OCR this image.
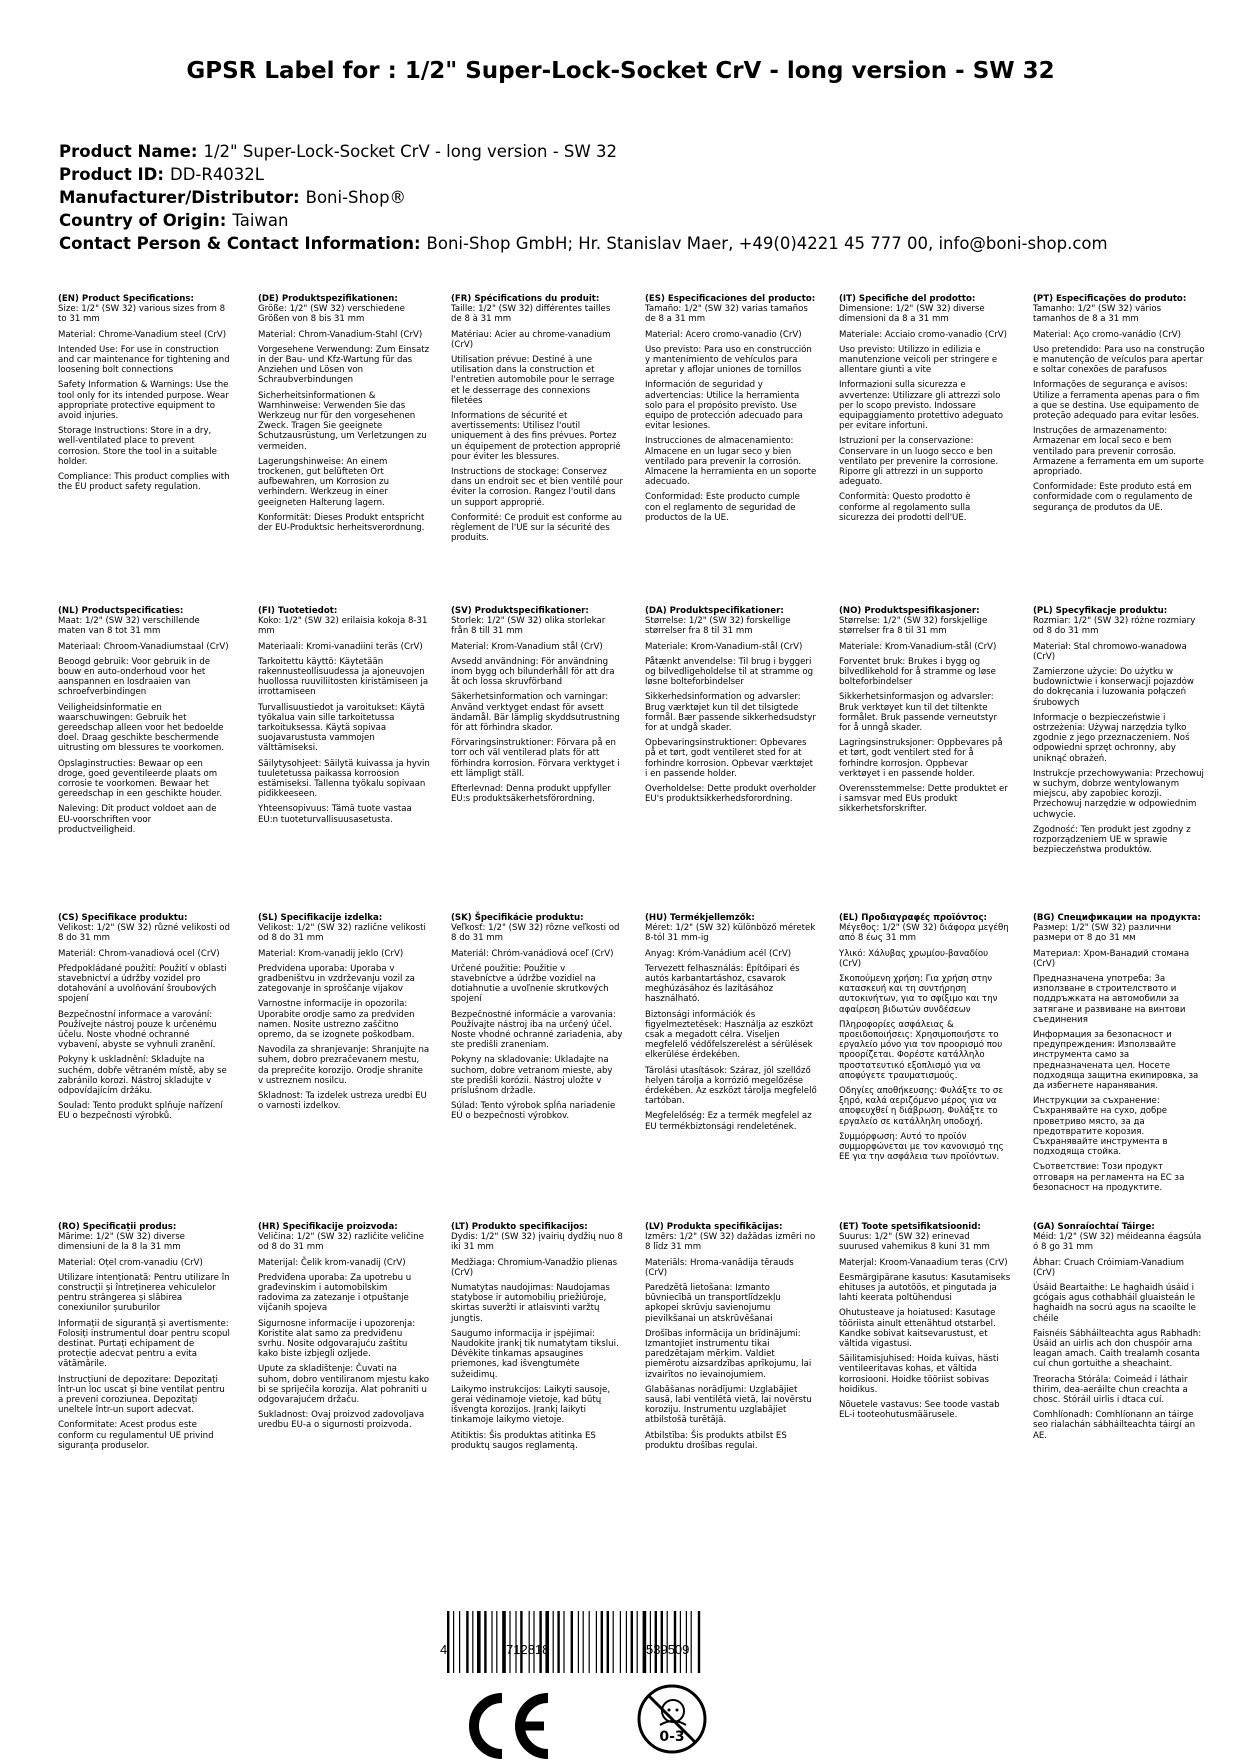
GPSR Label for : 1/2" Super-Lock-Socket CrV - long version - SW 32
Product Name: 1/2" Super-Lock-Socket CrV - long version - SW 32
Product ID: DD-R4032L
Manufacturer/Distributor: Boni-Shop®
Country of Origin: Taiwan
Contact Person & Contact Information: Boni-Shop GmbH; Hr. Stanislav Maer, +49(0)4221 45 777 00, info@boni-shop.com
(EN) Product Specifications:
Size: 1/2" (SW 32) various sizes from 8 to 31 mm
Material: Chrome-Vanadium steel (CrV)
Intended Use: For use in construction and car maintenance for tightening and loosening bolt connections
Safety Information & Warnings: Use the tool only for its intended purpose. Wear appropriate protective equipment to avoid injuries.
Storage Instructions: Store in a dry, well-ventilated place to prevent corrosion. Store the tool in a suitable holder.
Compliance: This product complies with the EU product safety regulation.
(DE) Produktspezifikationen:
Größe: 1/2" (SW 32) verschiedene Größen von 8 bis 31 mm
Material: Chrom-Vanadium-Stahl (CrV)
Vorgesehene Verwendung: Zum Einsatz in der Bau- und Kfz-Wartung für das Anziehen und Lösen von Schraubverbindungen
Sicherheitsinformationen & Warnhinweise: Verwenden Sie das Werkzeug nur für den vorgesehenen Zweck. Tragen Sie geeignete Schutzausrüstung, um Verletzungen zu vermeiden.
Lagerungshinweise: An einem trockenen, gut belüfteten Ort aufbewahren, um Korrosion zu verhindern. Werkzeug in einer geeigneten Halterung lagern.
Konformität: Dieses Produkt entspricht der EU-Produktsic herheitsverordnung.
(FR) Spécifications du produit:
Taille: 1/2" (SW 32) différentes tailles de 8 à 31 mm
Matériau: Acier au chrome-vanadium (CrV)
Utilisation prévue: Destiné à une utilisation dans la construction et l'entretien automobile pour le serrage et le desserrage des connexions filetées
Informations de sécurité et avertissements: Utilisez l'outil uniquement à des fins prévues. Portez un équipement de protection approprié pour éviter les blessures.
Instructions de stockage: Conservez dans un endroit sec et bien ventilé pour éviter la corrosion. Rangez l'outil dans un support approprié.
Conformité: Ce produit est conforme au règlement de l'UE sur la sécurité des produits.
(ES) Especificaciones del producto:
Tamaño: 1/2" (SW 32) varias tamaños de 8 a 31 mm
Material: Acero cromo-vanadio (CrV)
Uso previsto: Para uso en construcción y mantenimiento de vehículos para apretar y aflojar uniones de tornillos
Información de seguridad y advertencias: Utilice la herramienta solo para el propósito previsto. Use equipo de protección adecuado para evitar lesiones.
Instrucciones de almacenamiento: Almacene en un lugar seco y bien ventilado para prevenir la corrosión. Almacene la herramienta en un soporte adecuado.
Conformidad: Este producto cumple con el reglamento de seguridad de productos de la UE.
(IT) Specifiche del prodotto:
Dimensione: 1/2" (SW 32) diverse dimensioni da 8 a 31 mm
Materiale: Acciaio cromo-vanadio (CrV)
Uso previsto: Utilizzo in edilizia e manutenzione veicoli per stringere e allentare giunti a vite
Informazioni sulla sicurezza e avvertenze: Utilizzare gli attrezzi solo per lo scopo previsto. Indossare equipaggiamento protettivo adeguato per evitare infortuni.
Istruzioni per la conservazione: Conservare in un luogo secco e ben ventilato per prevenire la corrosione. Riporre gli attrezzi in un supporto adeguato.
Conformità: Questo prodotto è conforme al regolamento sulla sicurezza dei prodotti dell'UE.
(PT) Especificações do produto:
Tamanho: 1/2" (SW 32) vários tamanhos de 8 a 31 mm
Material: Aço cromo-vanádio (CrV)
Uso pretendido: Para uso na construção e manutenção de veículos para apertar e soltar conexões de parafusos
Informações de segurança e avisos: Utilize a ferramenta apenas para o fim a que se destina. Use equipamento de proteção adequado para evitar lesões.
Instruções de armazenamento: Armazenar em local seco e bem ventilado para prevenir corrosão. Armazene a ferramenta em um suporte apropriado.
Conformidade: Este produto está em conformidade com o regulamento de segurança de produtos da UE.
(NL) Productspecificaties:
Maat: 1/2" (SW 32) verschillende maten van 8 tot 31 mm
Materiaal: Chroom-Vanadiumstaal (CrV)
Beoogd gebruik: Voor gebruik in de bouw en auto-onderhoud voor het aanspannen en losdraaien van schroefverbindingen
Veiligheidsinformatie en waarschuwingen: Gebruik het gereedschap alleen voor het bedoelde doel. Draag geschikte beschermende uitrusting om blessures te voorkomen.
Opslaginstructies: Bewaar op een droge, goed geventileerde plaats om corrosie te voorkomen. Bewaar het gereedschap in een geschikte houder.
Naleving: Dit product voldoet aan de EU-voorschriften voor productveiligheid.
(FI) Tuotetiedot:
Koko: 1/2" (SW 32) erilaisia kokoja 8-31 mm
Materiaali: Kromi-vanadiini teräs (CrV)
Tarkoitettu käyttö: Käytetään rakennusteollisuudessa ja ajoneuvojen huollossa ruuviliitosten kiristämiseen ja irrottamiseen
Turvallisuustiedot ja varoitukset: Käytä työkalua vain sille tarkoitetussa tarkoituksessa. Käytä sopivaa suojavarustusta vammojen välttämiseksi.
Säilytysohjeet: Säilytä kuivassa ja hyvin tuuletetussa paikassa korroosion estämiseksi. Tallenna työkalu sopivaan pidikkeeseen.
Yhteensopivuus: Tämä tuote vastaa EU:n tuoteturvallisuusasetusta.
(SV) Produktspecifikationer:
Storlek: 1/2" (SW 32) olika storlekar från 8 till 31 mm
Material: Krom-Vanadium stål (CrV)
Avsedd användning: För användning inom bygg och bilunderhåll för att dra åt och lossa skruvförband
Säkerhetsinformation och varningar: Använd verktyget endast för avsett ändamål. Bär lämplig skyddsutrustning för att förhindra skador.
Förvaringsinstruktioner: Förvara på en torr och väl ventilerad plats för att förhindra korrosion. Förvara verktyget i ett lämpligt ställ.
Efterlevnad: Denna produkt uppfyller EU:s produktsäkerhetsförordning.
(DA) Produktspecifikationer:
Størrelse: 1/2" (SW 32) forskellige størrelser fra 8 til 31 mm
Materiale: Krom-Vanadium-stål (CrV)
Påtænkt anvendelse: Til brug i byggeri og bilvedligeholdelse til at stramme og løsne bolteforbindelser
Sikkerhedsinformation og advarsler: Brug værktøjet kun til det tilsigtede formål. Bær passende sikkerhedsudstyr for at undgå skader.
Opbevaringsinstruktioner: Opbevares på et tørt, godt ventileret sted for at forhindre korrosion. Opbevar værktøjet i en passende holder.
Overholdelse: Dette produkt overholder EU's produktsikkerhedsforordning.
(NO) Produktspesifikasjoner:
Størrelse: 1/2" (SW 32) forskjellige størrelser fra 8 til 31 mm
Materiale: Krom-Vanadium-stål (CrV)
Forventet bruk: Brukes i bygg og bilvedlikehold for å stramme og løse bolteforbindelser
Sikkerhetsinformasjon og advarsler: Bruk verktøyet kun til det tiltenkte formålet. Bruk passende verneutstyr for å unngå skader.
Lagringsinstruksjoner: Oppbevares på et tørt, godt ventilert sted for å forhindre korrosjon. Oppbevar verktøyet i en passende holder.
Overensstemmelse: Dette produktet er i samsvar med EUs produkt sikkerhetsforskrifter.
(PL) Specyfikacje produktu:
Rozmiar: 1/2" (SW 32) różne rozmiary od 8 do 31 mm
Materiał: Stal chromowo-wanadowa (CrV)
Zamierzone użycie: Do użytku w budownictwie i konserwacji pojazdów do dokręcania i luzowania połączeń śrubowych
Informacje o bezpieczeństwie i ostrzeżenia: Używaj narzędzia tylko zgodnie z jego przeznaczeniem. Noś odpowiedni sprzęt ochronny, aby uniknąć obrażeń.
Instrukcje przechowywania: Przechowuj w suchym, dobrze wentylowanym miejscu, aby zapobiec korozji. Przechowuj narzędzie w odpowiednim uchwycie.
Zgodność: Ten produkt jest zgodny z rozporządzeniem UE w sprawie bezpieczeństwa produktów.
(CS) Specifikace produktu:
Velikost: 1/2" (SW 32) různé velikosti od 8 do 31 mm
Materiál: Chrom-vanadiová ocel (CrV)
Předpokládané použití: Použití v oblasti stavebnictví a údržby vozidel pro dotahování a uvolňování šroubových spojení
Bezpečnostní informace a varování: Používejte nástroj pouze k určenému účelu. Noste vhodné ochranné vybavení, abyste se vyhnuli zranění.
Pokyny k uskladnění: Skladujte na suchém, dobře větraném místě, aby se zabránilo korozi. Nástroj skladujte v odpovídajícím držáku.
Soulad: Tento produkt splňuje nařízení EU o bezpečnosti výrobků.
(SL) Specifikacije izdelka:
Velikost: 1/2" (SW 32) različne velikosti od 8 do 31 mm
Material: Krom-vanadij jeklo (CrV)
Predvidena uporaba: Uporaba v gradbeništvu in vzdrževanju vozil za zategovanje in sproščanje vijakov
Varnostne informacije in opozorila: Uporabite orodje samo za predviden namen. Nosite ustrezno zaščitno opremo, da se izognete poškodbam.
Navodila za shranjevanje: Shranjujte na suhem, dobro prezračevanem mestu, da preprečite korozijo. Orodje shranite v ustreznem nosilcu.
Skladnost: Ta izdelek ustreza uredbi EU o varnosti izdelkov.
(SK) Špecifikácie produktu:
Veľkosť: 1/2" (SW 32) rôzne veľkosti od 8 do 31 mm
Materiál: Chróm-vanádiová oceľ (CrV)
Určené použitie: Použitie v stavebníctve a údržbe vozidiel na dotiahnutie a uvoľnenie skrutkových spojení
Bezpečnostné informácie a varovania: Používajte nástroj iba na určený účel. Noste vhodné ochranné zariadenia, aby ste predišli zraneniam.
Pokyny na skladovanie: Ukladajte na suchom, dobre vetranom mieste, aby ste predišli korózii. Nástroj uložte v príslušnom držadle.
Súlad: Tento výrobok spĺňa nariadenie EÚ o bezpečnosti výrobkov.
(HU) Termékjellemzők:
Méret: 1/2" (SW 32) különböző méretek 8-tól 31 mm-ig
Anyag: Króm-Vanádium acél (CrV)
Tervezett felhasználás: Építőipari és autós karbantartáshoz, csavarok meghúzásához és lazításához használható.
Biztonsági információk és figyelmeztetések: Használja az eszközt csak a megadott célra. Viseljen megfelelő védőfelszerelést a sérülések elkerülése érdekében.
Tárolási utasítások: Száraz, jól szellőző helyen tárolja a korrózió megelőzése érdekében. Az eszközt tárolja megfelelő tartóban.
Megfelelőség: Ez a termék megfelel az EU termékbiztonsági rendeletének.
(EL) Προδιαγραφές προϊόντος:
Μέγεθος: 1/2" (SW 32) διάφορα μεγέθη από 8 έως 31 mm
Υλικό: Χάλυβας χρωμίου-βαναδίου (CrV)
Σκοπούμενη χρήση: Για χρήση στην κατασκευή και τη συντήρηση αυτοκινήτων, για το σφίξιμο και την αφαίρεση βιδωτών συνδέσεων
Πληροφορίες ασφάλειας & προειδοποιήσεις: Χρησιμοποιήστε το εργαλείο μόνο για τον προορισμό που προορίζεται. Φορέστε κατάλληλο προστατευτικό εξοπλισμό για να αποφύγετε τραυματισμούς.
Οδηγίες αποθήκευσης: Φυλάξτε το σε ξηρό, καλά αεριζόμενο μέρος για να αποφευχθεί η διάβρωση. Φυλάξτε το εργαλείο σε κατάλληλη υποδοχή.
Συμμόρφωση: Αυτό το προϊόν συμμορφώνεται με τον κανονισμό της ΕΕ για την ασφάλεια των προϊόντων.
(BG) Спецификации на продукта:
Размер: 1/2" (SW 32) различни размери от 8 до 31 мм
Материал: Хром-Ванадий стомана (CrV)
Предназначена употреба: За използване в строителството и поддръжката на автомобили за затягане и развиване на винтови съединения
Информация за безопасност и предупреждения: Използвайте инструмента само за предназначената цел. Носете подходяща защитна екипировка, за да избегнете наранявания.
Инструкции за съхранение: Съхранявайте на сухо, добре проветриво място, за да предотвратите корозия. Съхранявайте инструмента в подходяща стойка.
Съответствие: Този продукт отговаря на регламента на ЕС за безопасност на продуктите.
(RO) Specificații produs:
Mărime: 1/2" (SW 32) diverse dimensiuni de la 8 la 31 mm
Material: Oțel crom-vanadiu (CrV)
Utilizare intenționată: Pentru utilizare în construcții și întreținerea vehiculelor pentru strângerea și slăbirea conexiunilor șuruburilor
Informații de siguranță și avertismente: Folosiți instrumentul doar pentru scopul destinat. Purtați echipament de protecție adecvat pentru a evita vătămările.
Instrucțiuni de depozitare: Depozitați într-un loc uscat și bine ventilat pentru a preveni coroziunea. Depozitați uneltele într-un suport adecvat.
Conformitate: Acest produs este conform cu regulamentul UE privind siguranța produselor.
(HR) Specifikacije proizvoda:
Veličina: 1/2" (SW 32) različite veličine od 8 do 31 mm
Materijal: Čelik krom-vanadij (CrV)
Predviđena uporaba: Za upotrebu u građevinskim i automobilskim radovima za zatezanje i otpuštanje vijčanih spojeva
Sigurnosne informacije i upozorenja: Koristite alat samo za predviđenu svrhu. Nosite odgovarajuću zaštitu kako biste izbjegli ozljede.
Upute za skladištenje: Čuvati na suhom, dobro ventiliranom mjestu kako bi se spriječila korozija. Alat pohraniti u odgovarajućem držaču.
Sukladnost: Ovaj proizvod zadovoljava uredbu EU-a o sigurnosti proizvoda.
(LT) Produkto specifikacijos:
Dydis: 1/2" (SW 32) įvairių dydžių nuo 8 iki 31 mm
Medžiaga: Chromium-Vanadžio plienas (CrV)
Numatytas naudojimas: Naudojamas statybose ir automobilių priežiūroje, skirtas suveržti ir atlaisvinti varžtų jungtis.
Saugumo informacija ir įspėjimai: Naudokite įrankį tik numatytam tikslui. Dėvėkite tinkamas apsaugines priemones, kad išvengtumėte sužeidimų.
Laikymo instrukcijos: Laikyti sausoje, gerai vėdinamoje vietoje, kad būtų išvengta korozijos. Įrankį laikyti tinkamoje laikymo vietoje.
Atitiktis: Šis produktas atitinka ES produktų saugos reglamentą.
(LV) Produkta specifikācijas:
Izmērs: 1/2" (SW 32) dažādas izmēri no 8 līdz 31 mm
Materiāls: Hroma-vanādija tērauds (CrV)
Paredzētā lietošana: Izmanto būvniecībā un transportlīdzekļu apkopei skrūvju savienojumu pievilkšanai un atskrūvēšanai
Drošības informācija un brīdinājumi: Izmantojiet instrumentu tikai paredzētajam mērķim. Valdiet piemērotu aizsardzības aprīkojumu, lai izvairītos no ievainojumiem.
Glabāšanas norādījumi: Uzglabājiet sausā, labi ventilētā vietā, lai novērstu koroziju. Instrumentu uzglabājiet atbilstošā turētājā.
Atbilstība: Šis produkts atbilst ES produktu drošības regulai.
(ET) Toote spetsifikatsioonid:
Suurus: 1/2" (SW 32) erinevad suurused vahemikus 8 kuni 31 mm
Materjal: Kroom-Vanaadium teras (CrV)
Eesmärgipärane kasutus: Kasutamiseks ehituses ja autotöös, et pingutada ja lahti keerata poltühendusi
Ohutusteave ja hoiatused: Kasutage tööriista ainult ettenähtud otstarbel. Kandke sobivat kaitsevarustust, et vältida vigastusi.
Säilitamisjuhised: Hoida kuivas, hästi ventileeritavas kohas, et vältida korrosiooni. Hoidke tööriist sobivas hoidikus.
Nõuetele vastavus: See toode vastab EL-i tooteohutusmäärusele.
(GA) Sonraíochtaí Táirge:
Méid: 1/2" (SW 32) méideanna éagsúla ó 8 go 31 mm
Ábhar: Cruach Cróimiam-Vanadium (CrV)
Úsáid Beartaithe: Le haghaidh úsáid i gcógais agus cothabháil gluaisteán le haghaidh na socrú agus na scaoilte le chéile
Faisnéis Sábháilteachta agus Rabhadh: Úsáid an uirlis ach don chuspóir arna leagan amach. Caith trealamh cosanta cuí chun gortuithe a sheachaint.
Treoracha Stórála: Coimeád i láthair thirim, dea-aeráilte chun creachta a chosc. Stóráil uirlis i dtaca cuí.
Comhlíonadh: Comhlíonann an táirge seo rialachán sábháilteachta táirgí an AE.
4	712818	539509
0-3
